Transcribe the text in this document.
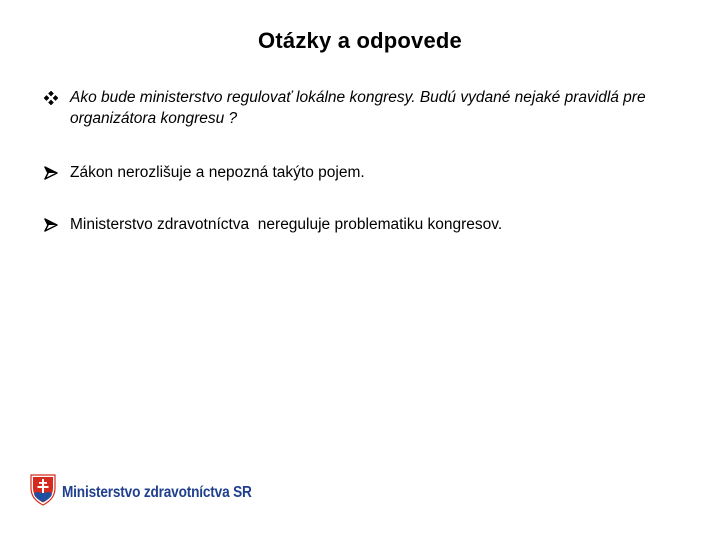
Otázky a odpovede
Ako bude ministerstvo regulovať lokálne kongresy. Budú vydané nejaké pravidlá pre organizátora kongresu ?
Zákon nerozlišuje a nepozná takýto pojem.
Ministerstvo zdravotníctva  nereguluje problematiku kongresov.
Ministerstvo zdravotníctva SR
